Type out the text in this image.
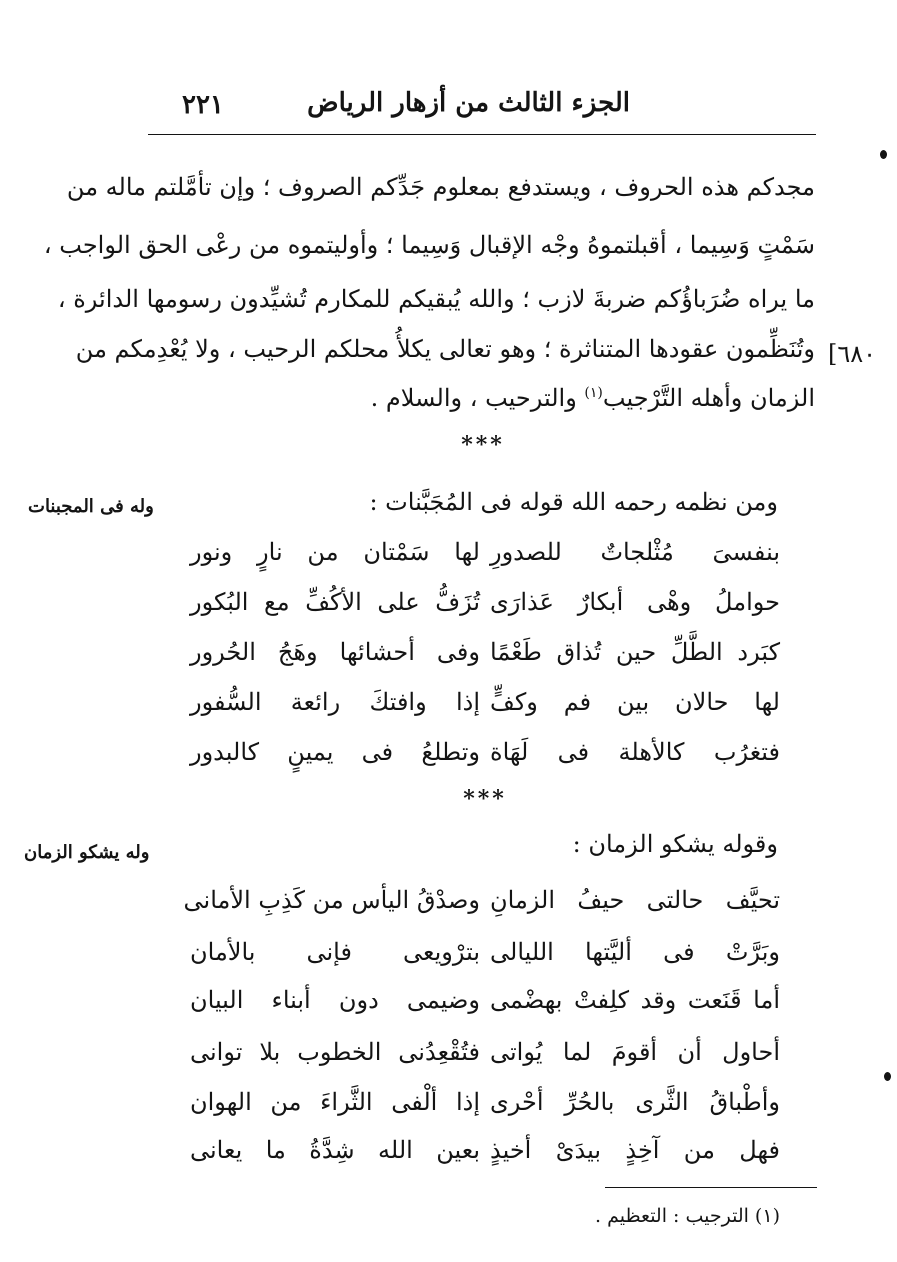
الجزء الثالث من أزهار الرياض
٢٢١
مجدكم هذه الحروف ، ويستدفع بمعلوم جَدِّكم الصروف ؛ وإن تأمَّلتم ماله من
سَمْتٍ وَسِيما ، أقبلتموهُ وجْه الإقبال وَسِيما ؛ وأوليتموه من رعْى الحق الواجب ،
ما يراه ضُرَباؤُكم ضربةَ لازب ؛ والله يُبقيكم للمكارم تُشيِّدون رسومها الدائرة ،
وتُنَظِّمون عقودها المتناثرة ؛ وهو تعالى يكلأُ محلكم الرحيب ، ولا يُعْدِمكم من
الزمان وأهله التَّرْجيب$^{(١)}$ والترحيب ، والسلام .
[٦٨٠
***
ومن نظمه رحمه الله قوله فى المُجَبَّنات :
وله فى المجبنات
بنفسىَ مُثْلجاتٌ للصدورِ
لها سَمْتان من نارٍ ونور
حواملُ وهْى أبكارٌ عَذارَى
تُزَفُّ على الأكُفِّ مع البُكور
كبَرد الطَّلِّ حين تُذاق طَعْمًا
وفى أحشائها وهَجُ الحُرور
لها حالان بين فم وكفٍّ
إذا وافتكَ رائعة السُّفور
فتغرُب كالأهلة فى لَهَاة
وتطلعُ فى يمينٍ كالبدور
***
وقوله يشكو الزمان :
وله يشكو الزمان
تحيَّف حالتى حيفُ الزمانِ
وصدْقُ اليأس من كَذِبِ الأمانى
وبَرَّتْ فى أليَّتها الليالى
بترْويعى فإنى بالأمان
أما قَنَعت وقد كلِفتْ بهضْمى
وضيمى دون أبناء البيان
أحاول أن أقومَ لما يُواتى
فتُقْعِدُنى الخطوب بلا توانى
وأطْباقُ الثَّرى بالحُرِّ أحْرى
إذا ألْفى الثَّراءَ من الهوان
فهل من آخِذٍ بيدَىْ أخيذٍ
بعين الله شِدَّةُ ما يعانى
(١) الترجيب : التعظيم .
